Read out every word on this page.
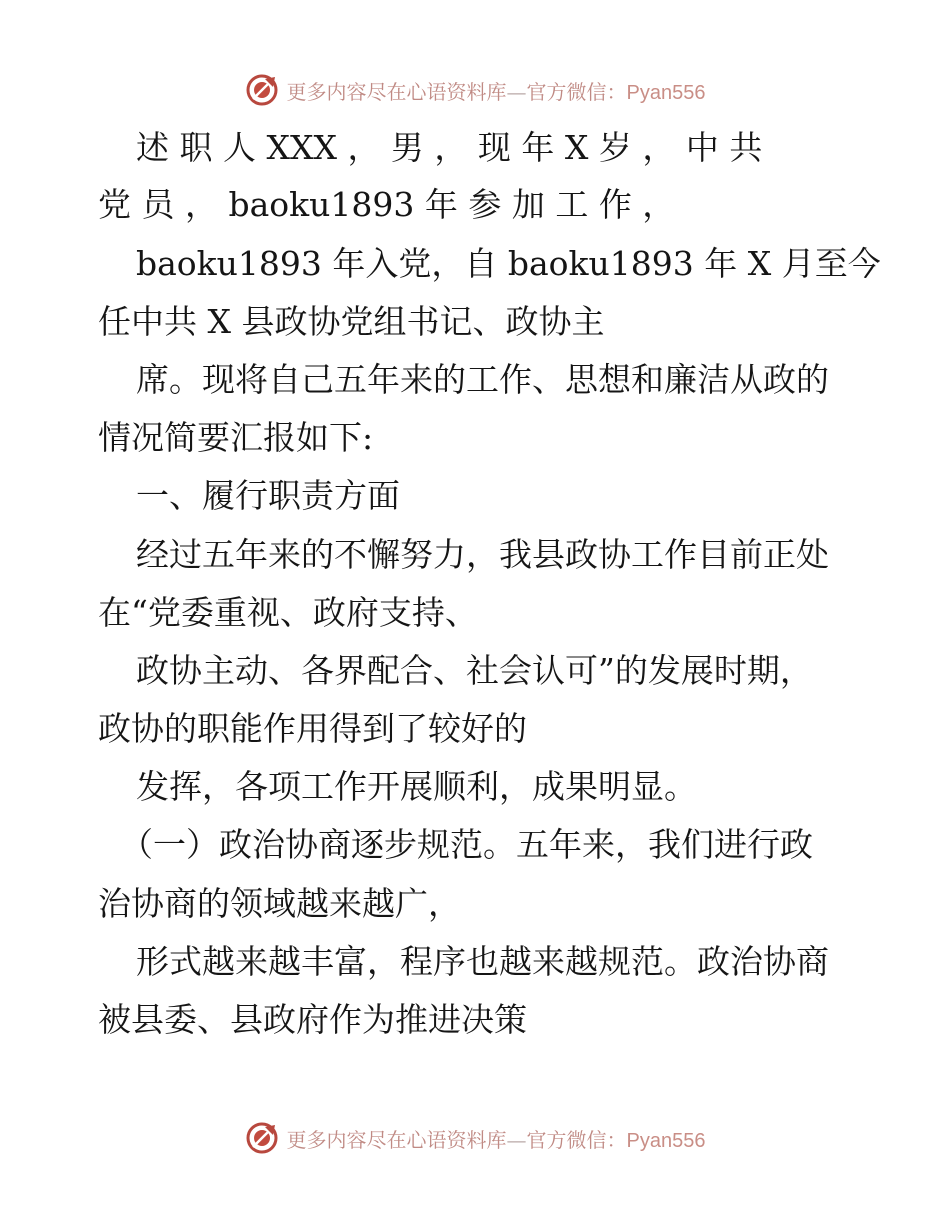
更多内容尽在心语资料库—官方微信：Pyan556
述 职 人 XXX ， 男 ， 现 年 X 岁 ， 中 共
党 员 ， baoku1893 年 参 加 工 作 ，
baoku1893 年入党，自 baoku1893 年 X 月至今
任中共 X 县政协党组书记、政协主
席。现将自己五年来的工作、思想和廉洁从政的
情况简要汇报如下:
一、履行职责方面
经过五年来的不懈努力，我县政协工作目前正处
在“党委重视、政府支持、
政协主动、各界配合、社会认可”的发展时期，
政协的职能作用得到了较好的
发挥，各项工作开展顺利，成果明显。
（一）政治协商逐步规范。五年来，我们进行政
治协商的领域越来越广，
形式越来越丰富，程序也越来越规范。政治协商
被县委、县政府作为推进决策
更多内容尽在心语资料库—官方微信：Pyan556
